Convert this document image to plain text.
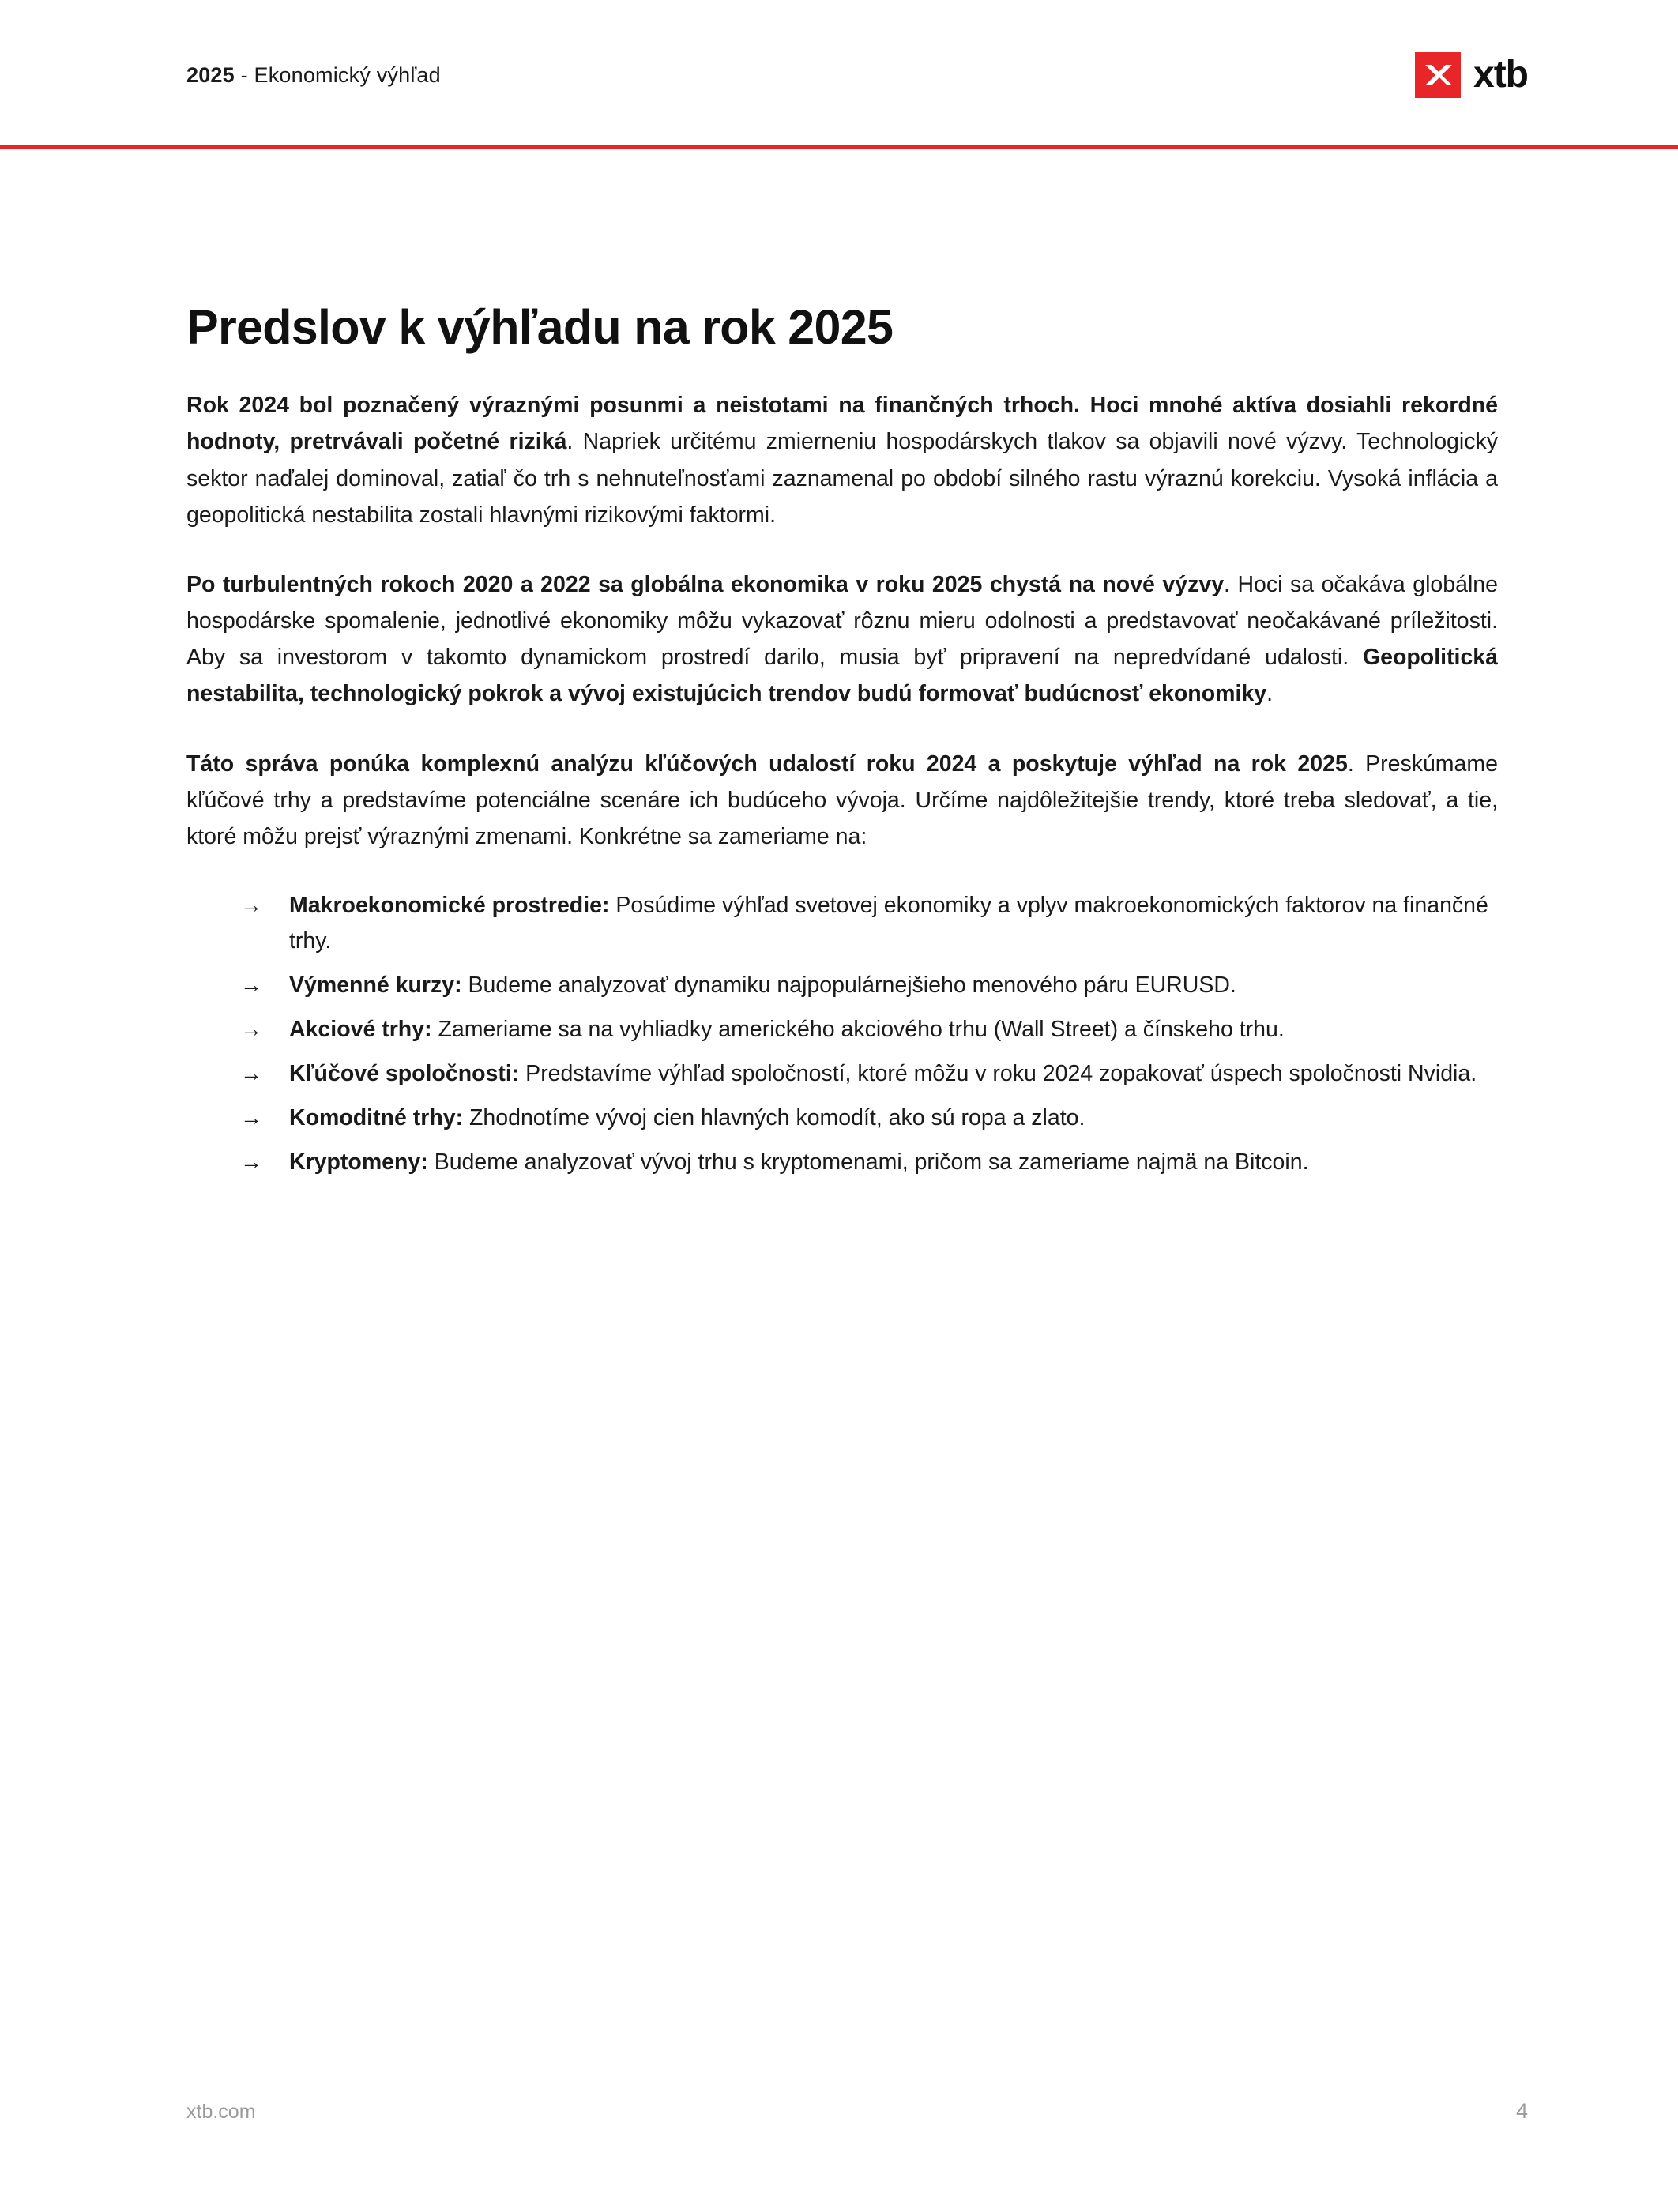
2025 - Ekonomický výhľad	xtb
Predslov k výhľadu na rok 2025

Rok 2024 bol poznačený výraznými posunmi a neistotami na finančných trhoch. Hoci mnohé aktíva dosiahli rekordné hodnoty, pretrvávali početné riziká. Napriek určitému zmierneniu hospodárskych tlakov sa objavili nové výzvy. Technologický sektor naďalej dominoval, zatiaľ čo trh s nehnuteľnosťami zaznamenal po období silného rastu výraznú korekciu. Vysoká inflácia a geopolitická nestabilita zostali hlavnými rizikovými faktormi.

Po turbulentných rokoch 2020 a 2022 sa globálna ekonomika v roku 2025 chystá na nové výzvy. Hoci sa očakáva globálne hospodárske spomalenie, jednotlivé ekonomiky môžu vykazovať rôznu mieru odolnosti a predstavovať neočakávané príležitosti. Aby sa investorom v takomto dynamickom prostredí darilo, musia byť pripravení na nepredvídané udalosti. Geopolitická nestabilita, technologický pokrok a vývoj existujúcich trendov budú formovať budúcnosť ekonomiky.

Táto správa ponúka komplexnú analýzu kľúčových udalostí roku 2024 a poskytuje výhľad na rok 2025. Preskúmame kľúčové trhy a predstavíme potenciálne scenáre ich budúceho vývoja. Určíme najdôležitejšie trendy, ktoré treba sledovať, a tie, ktoré môžu prejsť výraznými zmenami. Konkrétne sa zameriame na:

→ Makroekonomické prostredie: Posúdime výhľad svetovej ekonomiky a vplyv makroekonomických faktorov na finančné trhy.
→ Výmenné kurzy: Budeme analyzovať dynamiku najpopulárnejšieho menového páru EURUSD.
→ Akciové trhy: Zameriame sa na vyhliadky amerického akciového trhu (Wall Street) a čínskeho trhu.
→ Kľúčové spoločnosti: Predstavíme výhľad spoločností, ktoré môžu v roku 2024 zopakovať úspech spoločnosti Nvidia.
→ Komoditné trhy: Zhodnotíme vývoj cien hlavných komodít, ako sú ropa a zlato.
→ Kryptomeny: Budeme analyzovať vývoj trhu s kryptomenami, pričom sa zameriame najmä na Bitcoin.
xtb.com	4
